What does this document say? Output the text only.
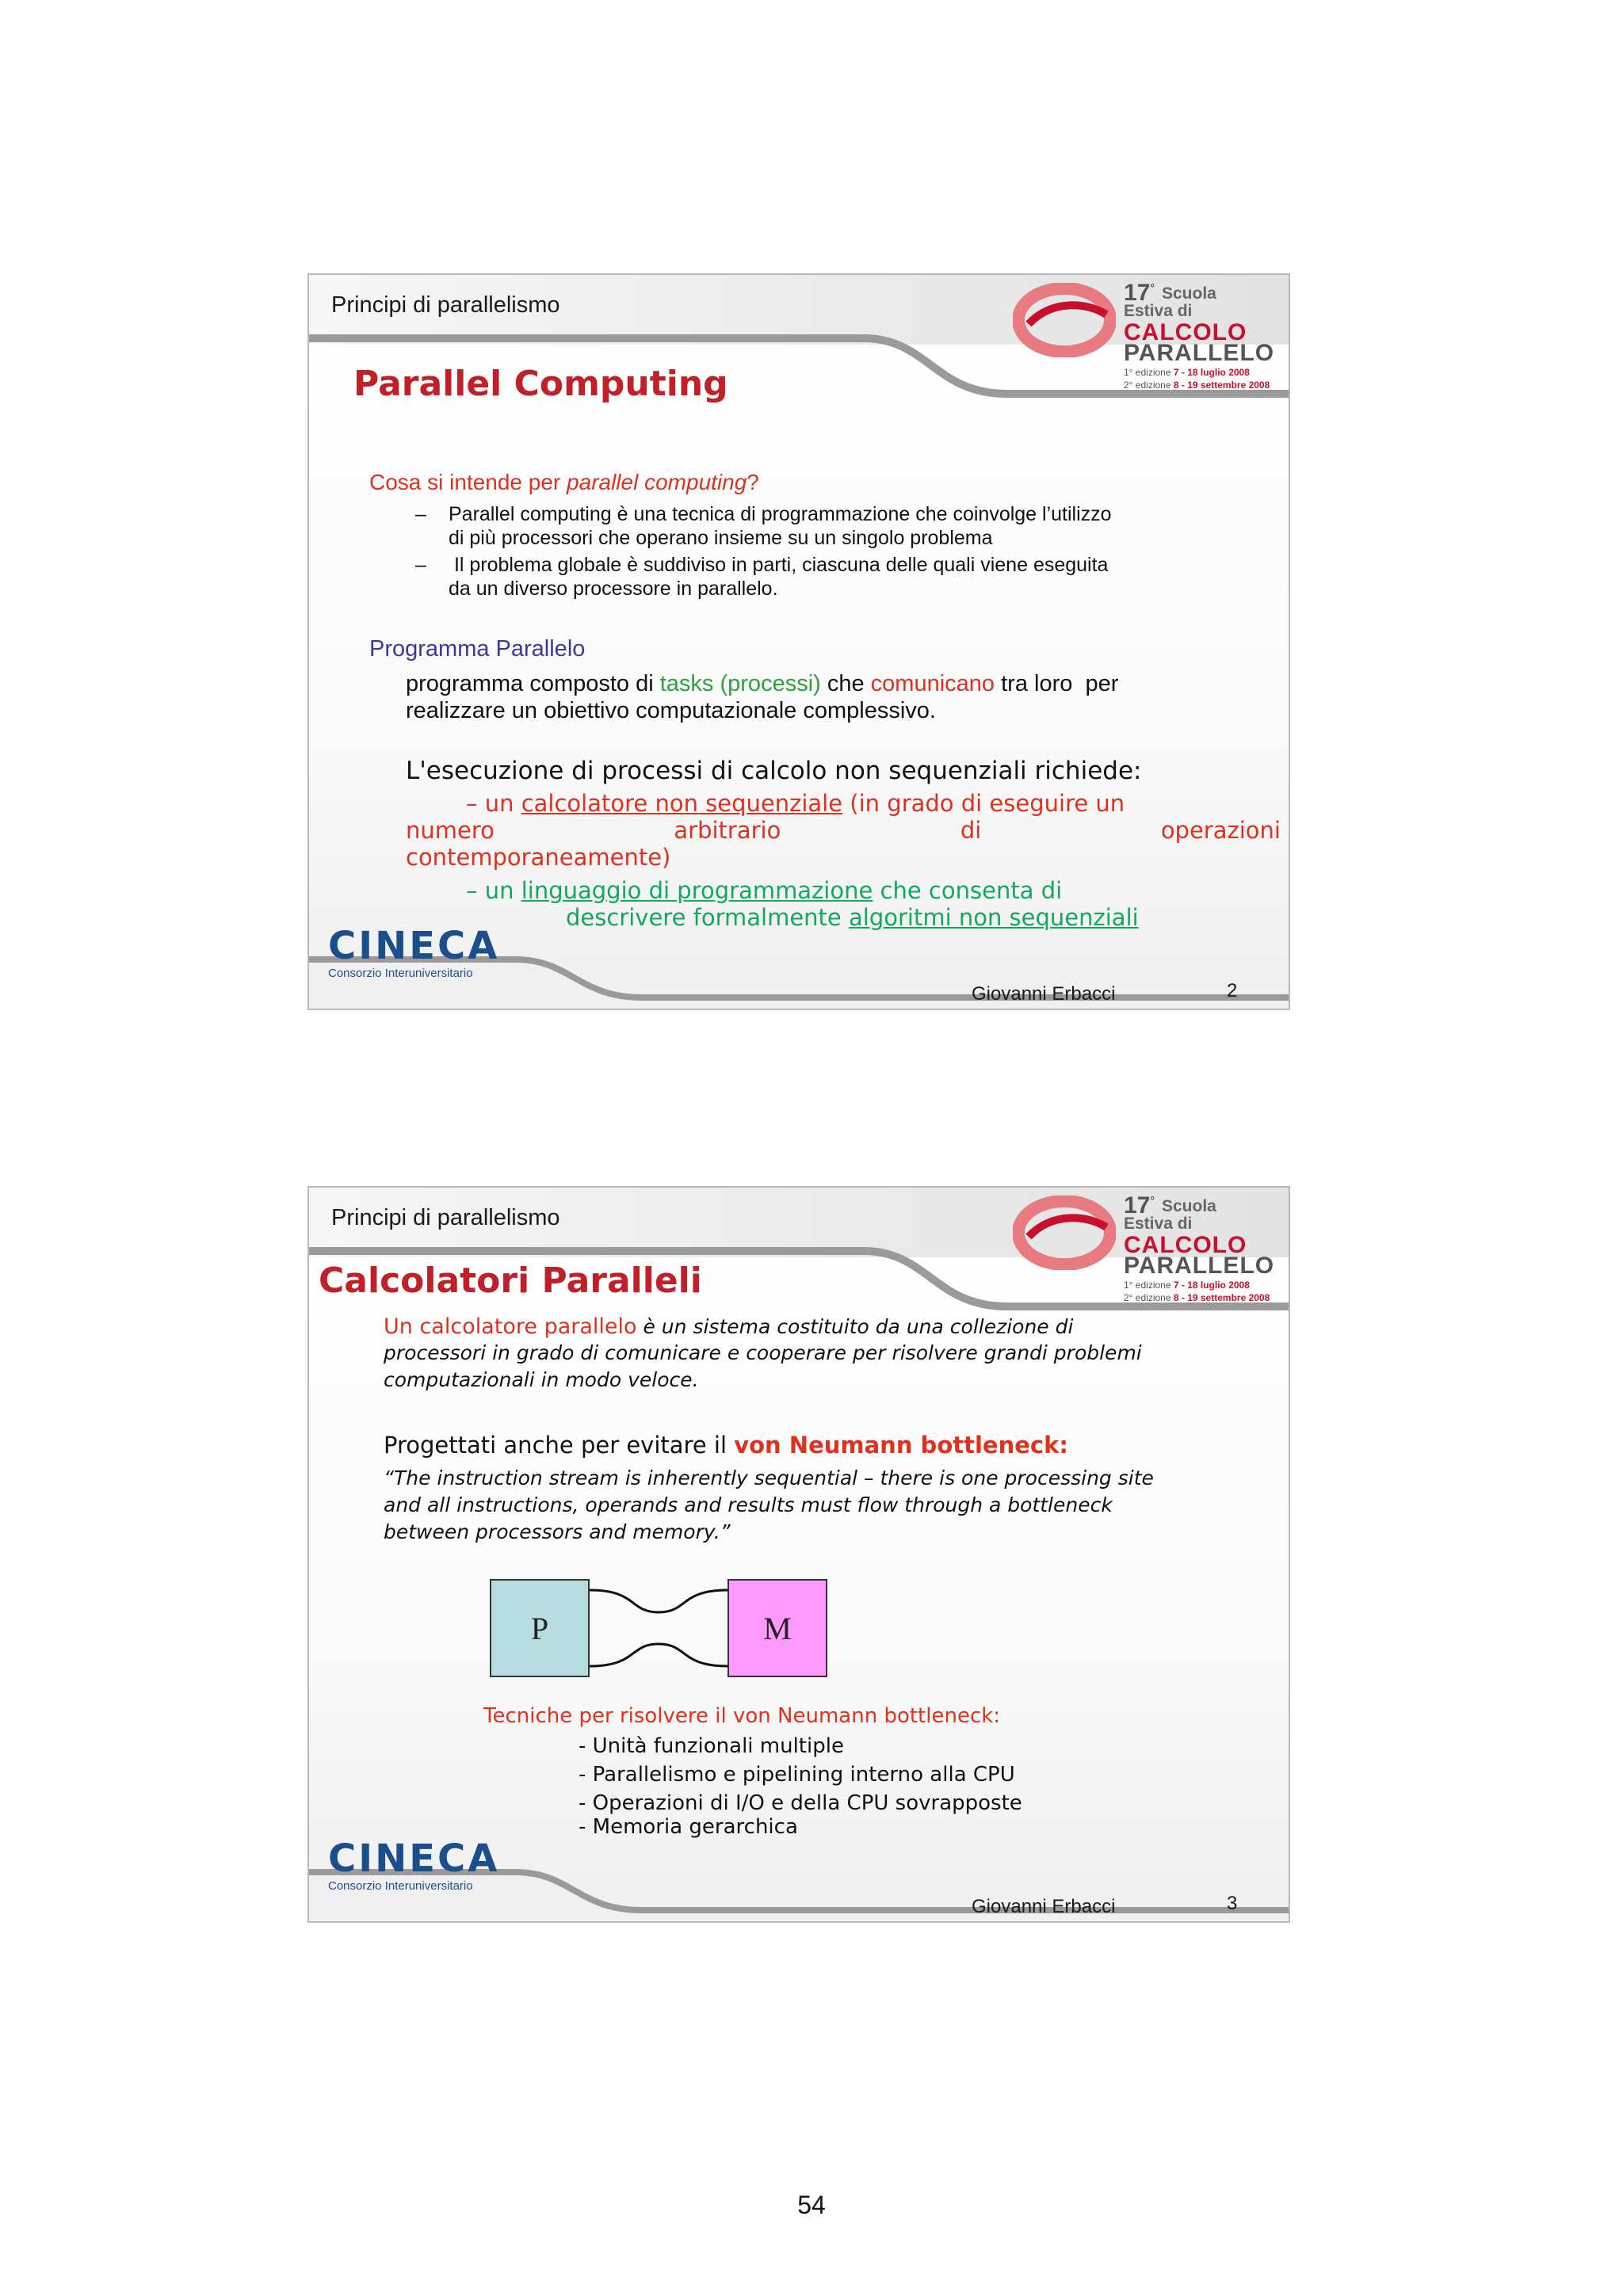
Principi di parallelismo	17° Scuola
Estiva di
CALCOLO
PARALLELO
1° edizione 7 - 18 luglio 2008
2° edizione 8 - 19 settembre 2008
Parallel Computing
Cosa si intende per parallel computing?
– Parallel computing è una tecnica di programmazione che coinvolge l’utilizzo
di più processori che operano insieme su un singolo problema
– Il problema globale è suddiviso in parti, ciascuna delle quali viene eseguita
da un diverso processore in parallelo.
Programma Parallelo
programma composto di tasks (processi) che comunicano tra loro  per
realizzare un obiettivo computazionale complessivo.
L'esecuzione di processi di calcolo non sequenziali richiede:
– un calcolatore non sequenziale (in grado di eseguire un
numero	arbitrario	di	operazioni
contemporaneamente)
– un linguaggio di programmazione che consenta di
descrivere formalmente algoritmi non sequenziali
CINECA
Consorzio Interuniversitario
Giovanni Erbacci	2
Principi di parallelismo	17° Scuola
Estiva di
CALCOLO
PARALLELO
1° edizione 7 - 18 luglio 2008
2° edizione 8 - 19 settembre 2008
Calcolatori Paralleli
Un calcolatore parallelo è un sistema costituito da una collezione di
processori in grado di comunicare e cooperare per risolvere grandi problemi
computazionali in modo veloce.
Progettati anche per evitare il von Neumann bottleneck:
“The instruction stream is inherently sequential – there is one processing site
and all instructions, operands and results must flow through a bottleneck
between processors and memory.”
P	M
Tecniche per risolvere il von Neumann bottleneck:
- Unità funzionali multiple
- Parallelismo e pipelining interno alla CPU
- Operazioni di I/O e della CPU sovrapposte
- Memoria gerarchica
CINECA
Consorzio Interuniversitario
Giovanni Erbacci	3
54
